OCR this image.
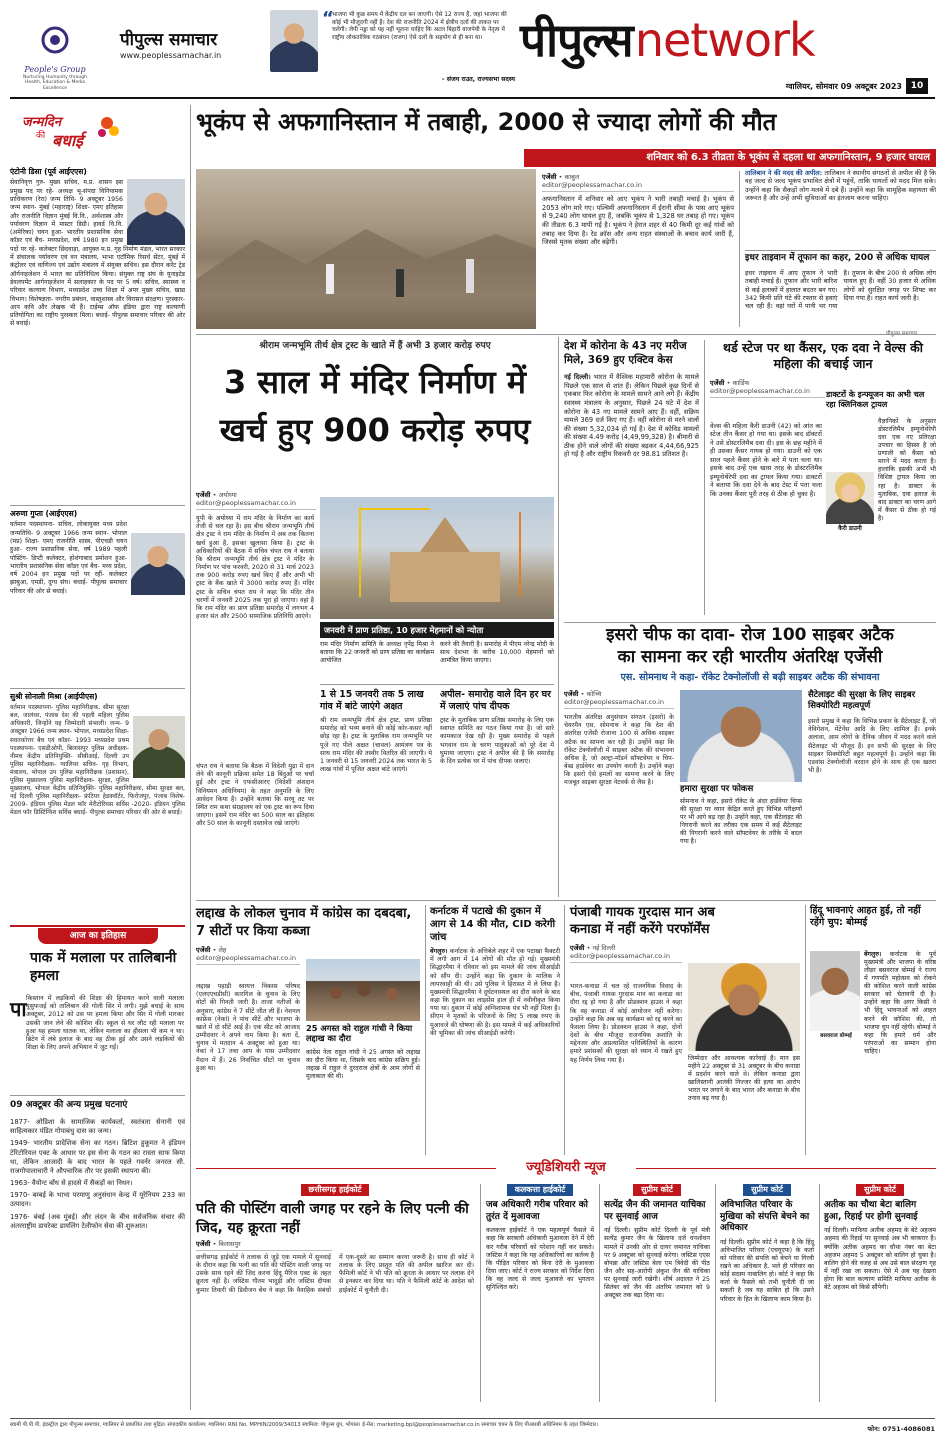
People's Group
Nurturing Humanity through Health, Education & Media Excellence
पीपुल्स समाचार
www.peoplessamachar.in
“
भाजपा भी कुछ समय में केंद्रीय दल बन जाएगी। ऐसे 12 राज्य हैं, जहां भाजपा की कोई भी मौजूदगी नहीं है। देश की राजनीति 2024 में क्षेत्रीय दलों की ताकत पर चलेगी। जेपी नड्डा को यह नहीं भूलना चाहिए कि अटल बिहारी वाजपेयी के नेतृत्व में राष्ट्रीय लोकतांत्रिक गठबंधन (राजग) ऐसे दलों के सहयोग से ही बना था।
- संजय राउत, राज्यसभा सदस्य
पीपुल्स network
ग्वालियर, सोमवार 09 अक्टूबर 2023 10
जन्मदिन
की बधाई
एंटोनी डिसा (पूर्व आईएएस)
सेवानिवृत्त गुरु- मुख्य सचिव, म.प्र. शासन इस प्रमुख पद पर रहे- अध्यक्ष भू-संपदा विनियामक प्राधिकरण (रेरा) जन्म तिथि- 9 अक्टूबर 1956 जन्म स्थान- मुंबई (महाराष्ट्र) शिक्षा- एमए इतिहास और राजनीति विज्ञान मुंबई वि.वि., अर्थशास्त्र और पर्यावरण विज्ञान में मास्टर डिग्री। हावर्ड वि.वि. (अमेरिका) चयन हुआ- भारतीय प्रशासनिक सेवा कॉडर एवं बैच- मध्यप्रदेश, वर्ष 1980 इन प्रमुख पदों पर रहे- कलेक्टर छिंदवाड़ा, आयुक्त म.प्र. गृह निर्माण मंडल, भारत सरकार में संचालक पर्यावरण एवं वन मंत्रालय, भाभा एटॉमिक रिसर्च सेंटर, मुंबई में कंट्रोलर एवं वाणिज्य एवं उद्योग मंत्रालय में संयुक्त सचिव। इस दौरान करेंट ट्रेड ऑर्गनाइजेशन में भारत का प्रतिनिधित्व किया। संयुक्त राष्ट्र संघ के यूनाइटेड डेवलपमेंट आर्गनाइजेशन में सलाहकार के पद पर 5 वर्ष। सचिव, स्वास्थ्य व परिवार कल्याण विभाग, मध्यप्रदेश उच्च शिक्षा में अपर मुख्य सचिव, खाद्य विभाग। विशेषज्ञता- नगरीय प्रबंधन, वास्तुशास्त्र और विरासत संरक्षण। पुरस्कार- आप कवि और लेखक भी हैं। टाईम्स ऑफ इंडिया द्वारा राष्ट्र कल्याणी प्रतियोगिता का राष्ट्रीय पुरस्कार मिला। बधाई- पीपुल्स समाचार परिवार की ओर से बधाई।
अरुणा गुप्ता (आईएएस)
वर्तमान पदस्थापना- सचिव, लोकायुक्त मध्य प्रदेश जन्मतिथि- 9 अक्टूबर 1966 जन्म स्थान- भोपाल (मप्र) शिक्षा- एमए राजनीति शास्त्र, पीएचडी चयन हुआ- राज्य प्रशासनिक सेवा, वर्ष 1989 पहली पोस्टिंग- डिप्टी कलेक्टर, होशंगाबाद प्रमोशन हुआ- भारतीय प्रशासनिक सेवा कॉडर एवं बैच- मध्य प्रदेश, वर्ष 2004 इन प्रमुख पदों पर रहीं- कलेक्टर झाबुआ, एमडी, दुग्ध संघ। बधाई- पीपुल्स समाचार परिवार की ओर से बधाई।
सुश्री सोनाली मिश्रा (आईपीएस)
वर्तमान पदस्थापना- पुलिस महानिरीक्षक, सीमा सुरक्षा बल, जालंधर, पंजाब देश की पहली महिला पुलिस अधिकारी, जिन्होंने यह जिम्मेदारी संभाली। जन्म- 9 अक्टूबर 1966 जन्म स्थान- भोपाल, मध्यप्रदेश शिक्षा- स्नातकोत्तर बैच एवं कॉडर- 1993 मध्यप्रदेश प्रथम पदस्थापना- एसडीओपी, बिलासपुर पुलिस अधीक्षक- नीमच केंद्रीय प्रतिनियुक्ति- सीबीआई, दिल्ली उप पुलिस महानिरीक्षक- ग्वालियर सचिव- गृह विभाग, मंत्रालय, भोपाल उप पुलिस महानिरीक्षक (प्रशासन), पुलिस मुख्यालय पुलिस महानिरीक्षक- सुरक्षा, पुलिस मुख्यालय, भोपाल केंद्रीय प्रतिनियुक्ति- पुलिस महानिरीक्षक, सीमा सुरक्षा बल, नई दिल्ली पुलिस महानिरीक्षक- फ्रंटियर हेडक्वॉर्टर, फिरोजपुर, पंजाब विशेष- 2009- इंडियन पुलिस मेडल फॉर मेरीटोरियस सर्विस -2020- इंडियन पुलिस मेडल फॉर डिस्टिंग्विश सर्विस बधाई- पीपुल्स समाचार परिवार की ओर से बधाई।
आज का इतिहास
पाक में मलाला पर तालिबानी हमला
पा किस्तान में लड़कियों की शिक्षा की हिमायत करने वाली मलाला यूसुफजई को तालिबान की गोली सिर में लगी। मुझे बधाई के साथ अक्टूबर, 2012 को उस पर हमला किया और सिर में गोली मारकर उसकी जान लेने की कोशिश की। स्कूल से घर लौट रही मलाला पर हुआ यह हमला घातक था, लेकिन मलाला का हौसला भी कम न था। ब्रिटेन में लंबे इलाज के बाद वह ठीक हुई और उसने लड़कियों की शिक्षा के लिए अपने अभियान में जुट गईं।
09 अक्टूबर की अन्य प्रमुख घटनाएं
1877- ओडिशा के सामाजिक कार्यकर्ता, स्वतंत्रता सेनानी एवं साहित्यकार पंडित गोपाबंधु दास का जन्म।
1949- भारतीय प्रादेशिक सेना का गठन। ब्रिटिश हुकूमत ने इंडियन टेरिटोरियल एक्ट के आधार पर इस सेना के गठन का रास्ता साफ किया था, लेकिन आजादी के बाद भारत के पहले गवर्नर जनरल सी. राजगोपालाचारी ने औपचारिक तौर पर इसकी स्थापना की।
1963- वैयोन्ट बाँध से हादसे में सैकड़ों का निधन।
1970- बम्बई के भाभा परमाणु अनुसंधान केन्द्र में यूरेनियम 233 का उत्पादन।
1976- बंबई (अब मुंबई) और लंदन के बीच सर्वजनिक संचार की अंतरराष्ट्रीय डायरेक्ट डायलिंग टेलीफोन सेवा की शुरुआत।
भूकंप से अफगानिस्तान में तबाही, 2000 से ज्यादा लोगों की मौत
शनिवार को 6.3 तीव्रता के भूकंप से दहला था अफगानिस्तान, 9 हजार घायल
एजेंसी • काबुल
editor@peoplessamachar.co.in
अफगानिस्तान में शनिवार को आए भूकंप ने भारी तबाही मचाई है। भूकंप से 2053 लोग मारे गए। पश्चिमी अफगानिस्तान में ईरानी सीमा के पास आए भूकंप से 9,240 लोग घायल हुए हैं, जबकि भूकंप से 1,328 घर तबाह हो गए। भूकंप की तीव्रता 6.3 मापी गई है। भूकंप ने हेरात शहर से 40 किमी दूर कई गांवों को तबाह कर दिया है। रेड क्रॉस और अन्य राहत संस्थाओं के बचाव कार्य जारी हैं, जिससे मृतक संख्या और बढ़ेगी।
तालिबान ने की मदद की अपील: तालिबान ने स्थानीय संगठनों से अपील की है कि वह जल्द से जल्द भूकंप प्रभावित क्षेत्रों में पहुंचें, ताकि घायलों को मदद मिल सके। उन्होंने कहा कि सैकड़ों लोग मलबे में दबे हैं। उन्होंने कहा कि सामूहिक सहायता की जरूरत है और उन्हें अभी सुविधाओं का इंतजाम करना चाहिए।
इधर ताइवान में तूफान का कहर, 200 से अधिक घायल
इधर ताइवान में आए तूफान ने भारी तबाही मचाई है। तूफान और भारी बारिश से कई इलाकों में हालात बदतर बन गए। 342 किमी प्रति घंटे की रफ्तार से हवाएं चल रही हैं। वहां घरों में पानी भर गया है। तूफान के बीच 200 से अधिक लोग घायल हुए हैं। वहीं 30 हजार से अधिक लोगों को सुरक्षित जगह पर शिफ्ट कर दिया गया है। राहत कार्य जारी है।
श्रीराम जन्मभूमि तीर्थ क्षेत्र ट्रस्ट के खाते में हैं अभी 3 हजार करोड़ रुपए
3 साल में मंदिर निर्माण में
खर्च हुए 900 करोड़ रुपए
एजेंसी • अयोध्या
editor@peoplessamachar.co.in
यूपी के अयोध्या में राम मंदिर के निर्माण का कार्य तेजी से चल रहा है। इस बीच श्रीराम जन्मभूमि तीर्थ क्षेत्र ट्रस्ट ने राम मंदिर के निर्माण में अब तक कितना खर्च हुआ है, इसका खुलासा किया है। ट्रस्ट के अधिकारियों की बैठक में सचिव चंपत राय ने बताया कि श्रीराम जन्मभूमि तीर्थ क्षेत्र ट्रस्ट ने मंदिर के निर्माण पर पांच फरवरी, 2020 से 31 मार्च 2023 तक 900 करोड़ रुपए खर्च किए हैं और अभी भी ट्रस्ट के बैंक खाते में 3000 करोड़ रुपए हैं। मंदिर ट्रस्ट के सचिव चंपत राय ने कहा कि मंदिर तीन चरणों में जनवरी 2025 तक पूरा हो जाएगा। वहां है कि राम मंदिर का प्राण प्रतिष्ठा समारोह में लगभग 4 हजार संत और 2500 सामाजिक प्रतिनिधि आएंगे।
जनवरी में प्राण प्रतिष्ठा, 10 हजार मेहमानों को न्योता
राम मंदिर निर्माण समिति के अध्यक्ष नृपेंद्र मिश्रा ने बताया कि 22 जनवरी को प्राण प्रतिष्ठा का कार्यक्रम आयोजित
करने की तैयारी है। समारोह में पीएम नरेन्द्र मोदी के साथ देशभर के करीब 10,000 मेहमानों को आमंत्रित किया जाएगा।
चंपत राय ने बताया कि बैठक में विदेशी मुद्रा में दान लेने की कानूनी प्रक्रिया समेत 18 बिंदुओं पर चर्चा हुई और ट्रस्ट ने एफसीआरए (विदेशी अंशदान विनियमन अधिनियम) के तहत अनुमति के लिए आवेदन किया है। उन्होंने बताया कि सरयू तट पर स्थित राम कथा संग्रहालय को एक ट्रस्ट का रूप दिया जाएगा। इसमें राम मंदिर का 500 साल का इतिहास और 50 साल के कानूनी दस्तावेज रखे जाएंगे।
1 से 15 जनवरी तक 5 लाख गांव में बांटे जाएंगे अक्षत
श्री राम जन्मभूमि तीर्थ क्षेत्र ट्रस्ट, प्राण प्रतिष्ठा समारोह को भव्य बनाने की कोई कोर-कसर नहीं छोड़ रहा है। ट्रस्ट के मुताबिक राम जन्मभूमि पर पूजे गए पीले अक्षत (चावल) आमंत्रण पत्र के साथ राम मंदिर की तस्वीर वितरित की जाएगी। ये 1 जनवरी से 15 जनवरी 2024 तक भारत के 5 लाख गांवों में पूजित अक्षत बांटे जाएंगे।
अपील- समारोह वाले दिन हर घर में जलाएं पांच दीपक
ट्रस्ट के मुताबिक प्राण प्रतिष्ठा समारोह के लिए एक स्वागत समिति का गठन किया गया है। जो सारे कामकाज देख रही है। मुख्य समारोह से पहले भगवान राम के चरण पादुकाओं को पूरे देश में घुमाया जाएगा। ट्रस्ट ने अपील की है कि समारोह के दिन प्रत्येक घर में पांच दीपक जलाएं।
देश में कोरोना के 43 नए मरीज मिले, 369 हुए एक्टिव केस
नई दिल्ली। भारत में वैश्विक महामारी कोरोना के मामले पिछले एक साल से शांत हैं। लेकिन पिछले कुछ दिनों से एकबार फिर कोरोना के मामले सामने आने लगे हैं। केंद्रीय स्वास्थ्य मंत्रालय के अनुसार, पिछले 24 घंटे में देश में कोरोना के 43 नए मामले सामने आए हैं। वहीं, सक्रिय मामले 369 दर्ज किए गए हैं। वहीं कोरोना से मरने वालों की संख्या 5,32,034 हो गई है। देश में कोविड मामलों की संख्या 4.49 करोड़ (4,49,99,328) है। बीमारी से ठीक होने वाले लोगों की संख्या बढ़कर 4,44,66,925 हो गई है और राष्ट्रीय रिकवरी दर 98.81 प्रतिशत है।
थर्ड स्टेज पर था कैंसर, एक दवा ने वेल्स की महिला की बचाई जान
एजेंसी • कार्डिफ
editor@peoplessamachar.co.in
वेल्स की महिला कैरी डाउनी (42) को आंत का स्टेज तीन कैंसर हो गया था। इसके बाद डॉक्टरों ने उसे डोस्टरलिमैब दवा दी। इस के छह महीने में ही उसका कैंसर गायब हो गया। डाउनी को एक साल पहले कैंसर होने के बारे में पता चला था। इसके बाद उन्हें एक खास तरह के डोस्टरलिमैब इम्यूनोथेरेपी दवा का ट्रायल किया गया। डाक्टरों ने बताया कि दवा देने के बाद टेस्ट में पता चला कि उनका कैंसर पूरी तरह से ठीक हो चुका है।
डाक्टरों के इन्फ्यूजन का अभी चल रहा क्लिनिकल ट्रायल
वैज्ञानिकों के अनुसार डोस्टरलिमैब इम्यूनोथेरेपी दवा एक नए प्रतिरक्षा उपचार का हिस्सा है जो प्रणाली को कैंसर को मारने में मदद करता है। हालांकि इसकी अभी भी विशिष्ट ट्रायल किया जा रहा है। डाक्टर के मुताबिक, दवा इलाज के बाद डाक्टर का चरण आगे में कैंसर से ठीक हो गई है।
कैरी डाउनी
इसरो चीफ का दावा- रोज 100 साइबर अटैक
का सामना कर रही भारतीय अंतरिक्ष एजेंसी
एस. सोमनाथ ने कहा- रॉकेट टेक्नोलॉजी से बढ़ी साइबर अटैक की संभावना
एजेंसी • कोच्चि
editor@peoplessamachar.co.in
भारतीय अंतरिक्ष अनुसंधान संगठन (इसरो) के चेयरमैन एस. सोमनाथ ने कहा कि देश की अंतरिक्ष एजेंसी रोजाना 100 से अधिक साइबर अटैक का सामना कर रही है। उन्होंने कहा कि रॉकेट टेक्नोलॉजी में साइबर अटैक की संभावना अधिक है, जो अल्ट्रा-मॉडर्न सॉफ्टवेयर व चिप-बेस्ड हार्डवेयर का उपयोग करती है। उन्होंने कहा कि इसरो ऐसे हमलों का सामना करने के लिए मजबूत साइबर सुरक्षा नेटवर्क से लैस है।
हमारा सुरक्षा पर फोकस
सोमनाथ ने कहा, इसरो रॉकेट के अंदर हार्डवेयर चिप्स की सुरक्षा पर ध्यान केंद्रित करते हुए विभिन्न परीक्षणों पर भी आगे बढ़ रहा है। उन्होंने कहा, एक सैटेलाइट की निगरानी करने का तरीका एक समय में कई सैटेलाइट की निगरानी करने वाले सॉफ्टवेयर के तरीके में बदल गया है।
सैटेलाइट की सुरक्षा के लिए साइबर सिक्योरिटी महत्वपूर्ण
इसरो प्रमुख ने कहा कि विभिन्न प्रकार के सैटेलाइट हैं, जो नेविगेशन, मेंटेनेंस आदि के लिए शामिल हैं। इनके अलावा, आम लोगों के दैनिक जीवन में मदद करने वाले सैटेलाइट भी मौजूद हैं। इन सभी की सुरक्षा के लिए साइबर सिक्योरिटी बहुत महत्वपूर्ण है। उन्होंने कहा कि एडवांस टेक्नोलॉजी वरदान होने के साथ ही एक खतरा भी है।
लद्दाख के लोकल चुनाव में कांग्रेस का दबदबा, 7 सीटों पर किया कब्जा
एजेंसी • लेह
editor@peoplessamachar.co.in
लद्दाख पहाड़ी स्वायत्त विकास परिषद (एलएएचडीसी) कारगिल के चुनाव के लिए वोटों की गिनती जारी है। ताजा नतीजों के अनुसार, कांग्रेस ने 7 सीटें जीत ली हैं। नेशनल कांफ्रेंस (नेकां) ने पांच सीटें और भाजपा के खाते में दो सीटें आई हैं। एक सीट को आजाद उम्मीदवार ने अपने नाम किया है। बता दें, चुनाव में मतदान 4 अक्टूबर को हुआ था। नेकां ने 17 तथा आप के पास उम्मीदवार मैदान में हैं। 26 निर्वाचित सीटों पर चुनाव हुआ था।
25 अगस्त को राहुल गांधी ने किया लद्दाख का दौरा
कांग्रेस नेता राहुल गांधी ने 25 अगस्त को लद्दाख का दौरा किया था, जिसके बाद कांग्रेस सक्रिय हुई। लद्दाख में राहुल ने दुरदराज क्षेत्रों के आम लोगों से मुलाकात की थी।
कर्नाटक में पटाखे की दुकान में आग से 14 की मौत, CID करेगी जांच
बेंगलुरु। कर्नाटक के अत्तिबेले शहर में एक पटाखा फैक्टरी में लगी आग में 14 लोगों की मौत हो गई। मुख्यमंत्री सिद्धारमैया ने रविवार को इस मामले की जांच सीआईडी को सौंप दी। उन्होंने कहा कि दुकान के मालिक ने लापरवाही की थी। उसे पुलिस ने हिरासत में ले लिया है। मुख्यमंत्री सिद्धारमैया ने दुर्घटनास्थल का दौरा करने के बाद कहा कि दुकान का लाइसेंस हाल ही में नवीनीकृत किया गया था। दुकान में कोई अग्निशामक यंत्र भी नहीं मिला है। सीएम ने मृतकों के परिजनों के लिए 5 लाख रुपए के मुआवजे की घोषणा की है। इस मामले में कई अधिकारियों की भूमिका की जांच सीआईडी करेगी।
पंजाबी गायक गुरदास मान अब
कनाडा में नहीं करेंगे परफॉर्मेंस
एजेंसी • नई दिल्ली
editor@peoplessamachar.co.in
भारत-कनाडा में चल रहे राजनयिक विवाद के बीच, पंजाबी गायक गुरदास मान का कनाडा का दौरा रद्द हो गया है और प्रोडक्शन हाउस ने कहा कि वह कनाडा में कोई आयोजन नहीं करेगा। उन्होंने कहा कि अब वह कार्यक्रम को रद्द करने का फैसला लिया है। प्रोडक्शन हाउस ने कहा, दोनों देशों के बीच मौजूदा राजनयिक अशांति के मद्देनजर और अप्रत्याशित परिस्थितियों के कारण हमारे प्रशंसकों की सुरक्षा को ध्यान में रखते हुए यह निर्णय लिया गया है।	जिम्मेदार और आवश्यक कार्रवाई है। मान इस महीने 22 अक्टूबर से 31 अक्टूबर के बीच कनाडा में प्रदर्शन करने वाले थे। लेकिन कनाडा द्वारा खालिस्तानी आतंकी निज्जर की हत्या का आरोप भारत पर लगाने के बाद भारत और कनाडा के बीच तनाव बढ़ गया है।
हिंदू भावनाएं आहत हुई, तो नहीं रहेंगे चुप: बोम्मई
बसवराज बोम्मई
बेंगलुरु। कर्नाटक के पूर्व मुख्यमंत्री और भाजपा के वरिष्ठ लीडर बसवराज बोम्मई ने राज्य में गणपति महोत्सव को रोकने की कोशिश करने वाली कांग्रेस सरकार को चेतावनी दी है। उन्होंने कहा कि अगर किसी ने भी हिंदू भावनाओं को आहत करने की कोशिश की, तो भाजपा चुप नहीं रहेगी। बोम्मई ने कहा कि हमारे धर्म और परंपराओं का सम्मान होना चाहिए।
ज्यूडिशियरी न्यूज
छत्तीसगढ़ हाईकोर्ट
पति की पोस्टिंग वाली जगह पर रहने के लिए पत्नी की जिद, यह क्रूरता नहीं
एजेंसी • बिलासपुर
छत्तीसगढ़ हाईकोर्ट ने तलाक से जुड़े एक मामले में सुनवाई के दौरान कहा कि पत्नी का पति की पोस्टिंग वाली जगह पर उसके साथ रहने की जिद करना हिंदू मैरिज एक्ट के तहत क्रूरता नहीं है। जस्टिस गौतम भादुड़ी और जस्टिस दीपक कुमार तिवारी की डिवीजन बेंच ने कहा कि वैवाहिक संबंधों में एक-दूसरे का सम्मान करना जरूरी है। साथ ही कोर्ट ने तलाक के लिए प्रस्तुत पति की अपील खारिज कर दी। फैमिली कोर्ट ने भी पति को क्रूरता के आधार पर तलाक देने से इनकार कर दिया था। पति ने फैमिली कोर्ट के आदेश को हाईकोर्ट में चुनौती दी।
कलकत्ता हाईकोर्ट
जब अधिकारी गरीब परिवार को तुरंत दें मुआवजा
कलकत्ता हाईकोर्ट ने एक महत्वपूर्ण फैसले में कहा कि सरकारी अधिकारी मुआवजा देने में देरी कर गरीब परिवारों को परेशान नहीं कर सकते। जस्टिस ने कहा कि यह अधिकारियों का कर्तव्य है कि पीड़ित परिवार को बिना देरी के मुआवजा दिया जाए। कोर्ट ने राज्य सरकार को निर्देश दिया कि वह जल्द से जल्द मुआवजे का भुगतान सुनिश्चित करे।
सुप्रीम कोर्ट
सत्येंद्र जैन की जमानत याचिका पर सुनवाई आज
नई दिल्ली। सुप्रीम कोर्ट दिल्ली के पूर्व मंत्री सत्येंद्र कुमार जैन के खिलाफ दर्ज धनशोधन मामले में उनकी ओर से दायर जमानत याचिका पर 9 अक्टूबर को सुनवाई करेगा। जस्टिस एएस बोपन्ना और जस्टिस बेला एम त्रिवेदी की पीठ जैन और सह-आरोपी अंकुश जैन की याचिका पर सुनवाई जारी रखेगी। शीर्ष अदालत ने 25 सितंबर को जैन की अंतरिम जमानत को 9 अक्टूबर तक बढ़ा दिया था।
सुप्रीम कोर्ट
अविभाजित परिवार के मुखिया को संपत्ति बेचने का अधिकार
नई दिल्ली। सुप्रीम कोर्ट ने कहा है कि हिंदू अविभाजित परिवार (एचयूएफ) के कर्ता को परिवार की संपत्ति को बेचने या गिरवी रखने का अधिकार है, भले ही परिवार का कोई सदस्य नाबालिग हो। कोर्ट ने कहा कि कर्ता के फैसले को तभी चुनौती दी जा सकती है जब यह साबित हो कि उसने परिवार के हित के खिलाफ काम किया है।
सुप्रीम कोर्ट
अतीक का चौथा बेटा बालिग हुआ, रिहाई पर होगी सुनवाई
नई दिल्ली। माफिया अतीक अहमद के बेटे अहजम अहमद की रिहाई पर सुनवाई अब भी बरकरार है। क्योंकि अतीक अहमद का चौथा नंबर का बेटा अहजम अहमद 5 अक्टूबर को बालिग हो चुका है। बालिग होने की वजह से अब उसे बाल संरक्षण गृह में नहीं रखा जा सकता। ऐसे में अब यह देखना होगा कि बाल कल्याण समिति माफिया अतीक के बेटे अहजम को किसे सौंपेगी।
स्वामी पी.पी.पी. इंडस्ट्रीज द्वारा पीपुल्स समाचार, ग्वालियर से प्रकाशित तथा मुद्रित। संपादकीय कार्यालय: ग्वालियर। RNI No. MPHIN/2009/34013 स्वामित्व: पीपुल्स ग्रुप, भोपाल। ई-मेल: marketing.bpl@peoplessamachar.co.in समाचार चयन के लिए पीआरबी अधिनियम के तहत जिम्मेदार।	फोन: 0751-4086081
